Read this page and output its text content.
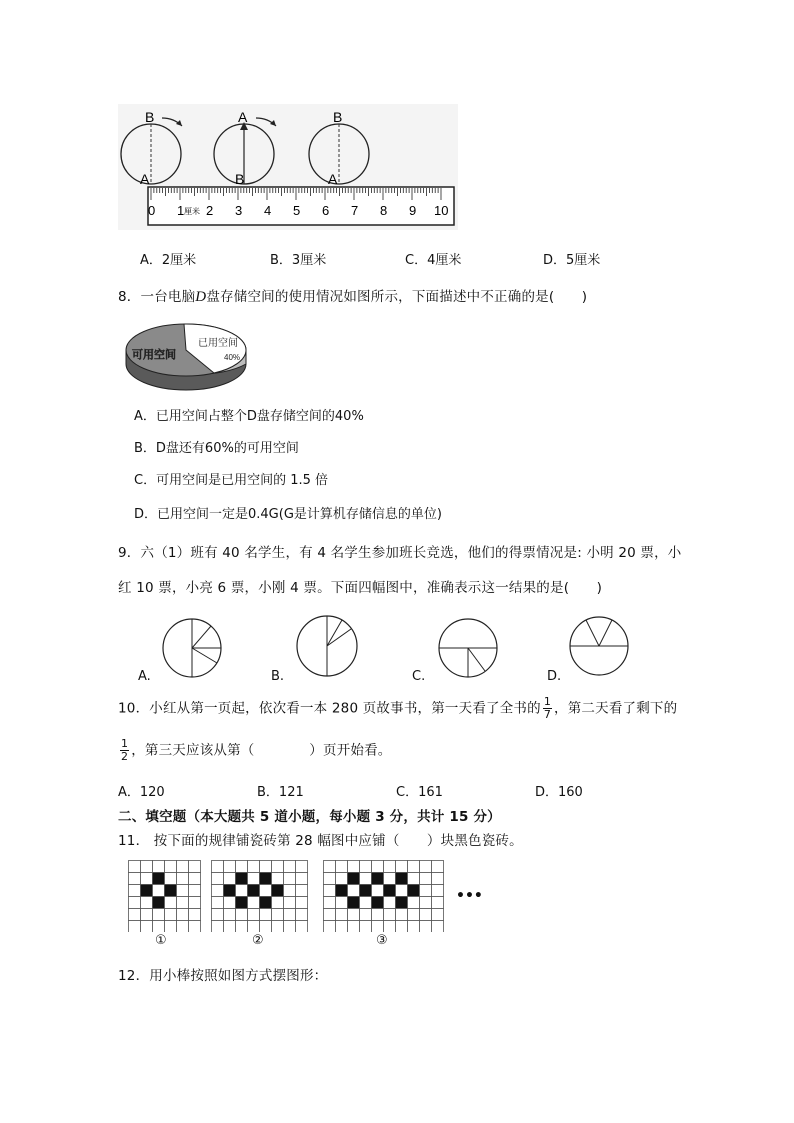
B
A
A
B
B
A
0 1 厘米 2 3 4 5 6 7 8 9 10
A．2厘米	B．3厘米	C．4厘米	D．5厘米
8．一台电脑D盘存储空间的使用情况如图所示，下面描述中不正确的是(　　)
可用空间
已用空间
40%
A．已用空间占整个D盘存储空间的40%
B．D盘还有60%的可用空间
C．可用空间是已用空间的 1.5 倍
D．已用空间一定是0.4G(G是计算机存储信息的单位)
9．六（1）班有 40 名学生，有 4 名学生参加班长竞选，他们的得票情况是: 小明 20 票，小
红 10 票，小亮 6 票，小刚 4 票。下面四幅图中，准确表示这一结果的是(　　)
A.	B.	C.	D.
10．小红从第一页起，依次看一本 280 页故事书，第一天看了全书的 $\frac{1}{7}$ ，第二天看了剩下的
$\frac{1}{2}$ ，第三天应该从第（　　　　）页开始看。
A．120	B．121	C．161	D．160
二、填空题（本大题共 5 道小题，每小题 3 分，共计 15 分）
11． 按下面的规律铺瓷砖第 28 幅图中应铺（　　）块黑色瓷砖。
•••
①	②	③
12．用小棒按照如图方式摆图形：
